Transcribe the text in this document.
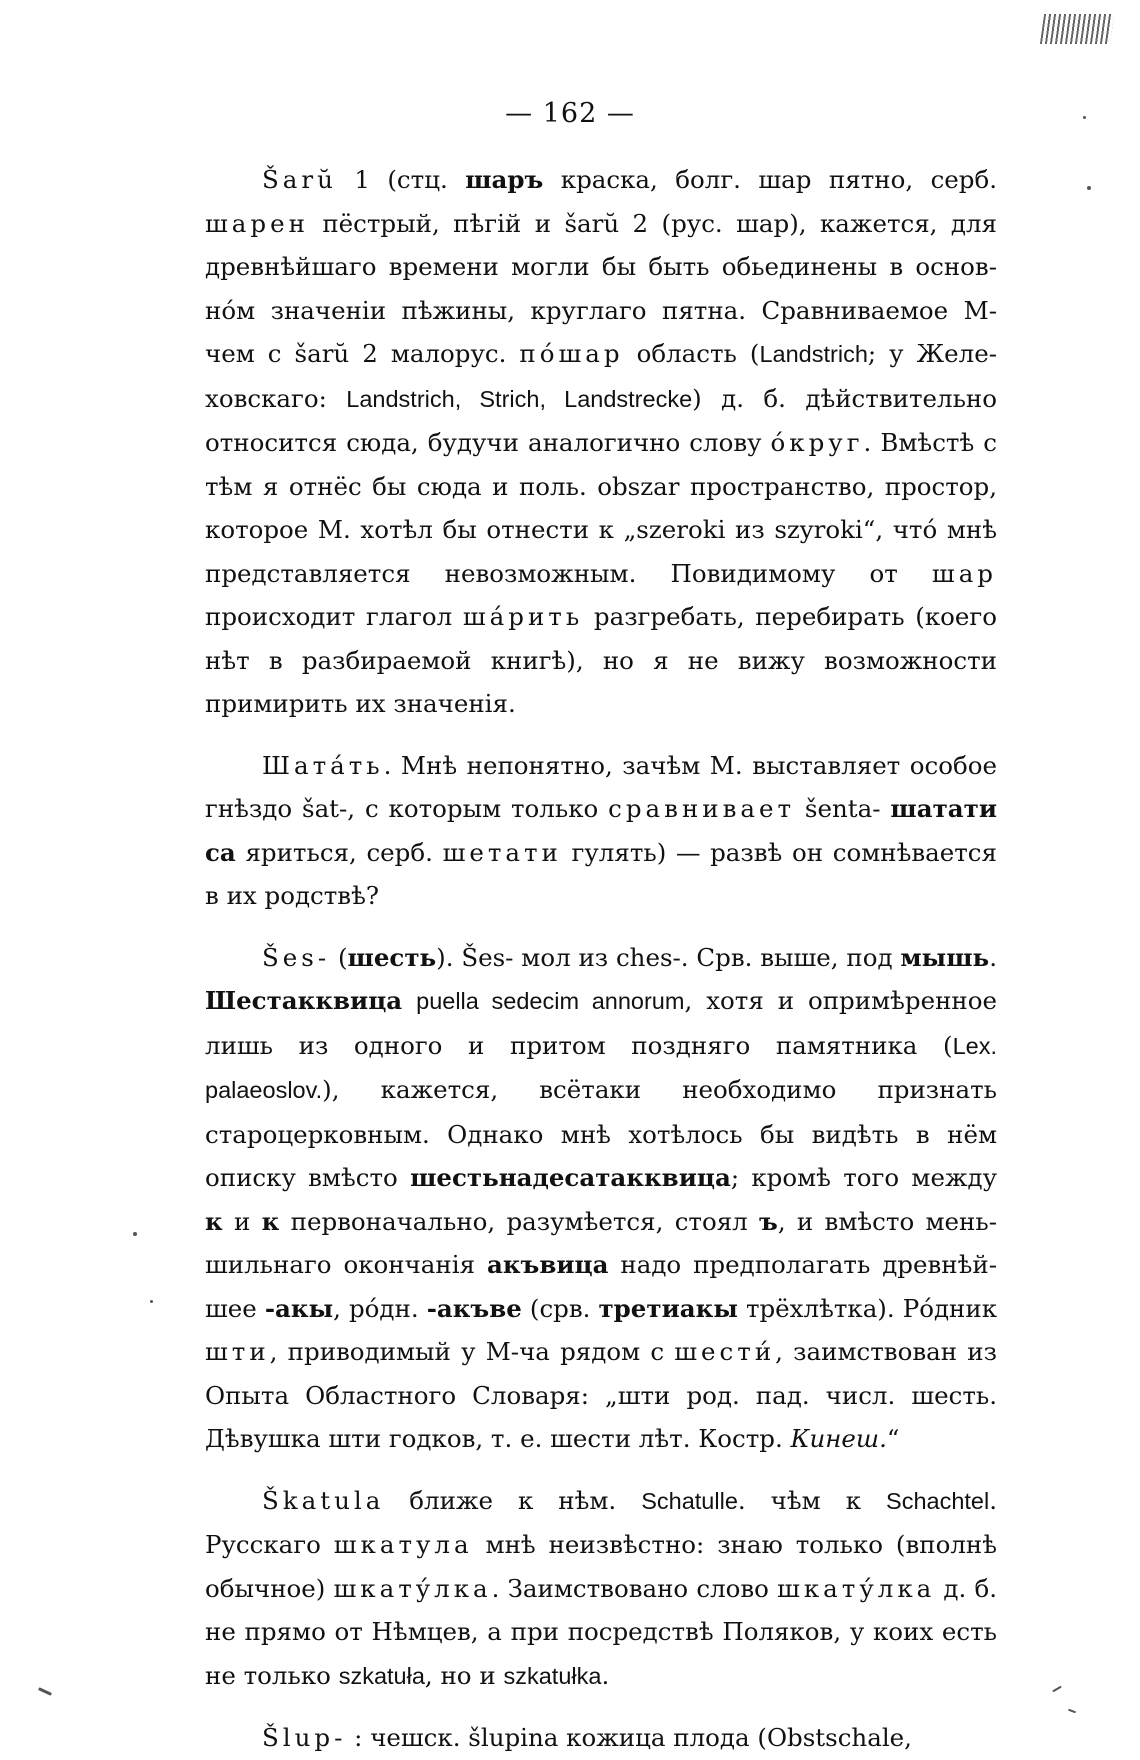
— 162 —

Šarŭ 1 (стц. шаръ краска, болг. шар пятно, серб. шарен пёстрый, пѣгій и šarŭ 2 (рус. шар), кажется, для древнѣйшаго времени могли бы быть обьединены в основно́м значеніи пѣжины, круглаго пятна. Сравниваемое М-чем с šarŭ 2 малорус. по́шар область (Landstrich; у Желеховскаго: Landstrich, Strich, Landstrecke) д. б. дѣйствительно относится сюда, будучи аналогично слову о́круг. Вмѣстѣ с тѣм я отнёс бы сюда и поль. obszar пространство, простор, которое М. хотѣл бы отнести к „szeroki из szyroki“, что́ мнѣ представляется невозможным. Повидимому от шар происходит глагол ша́рить разгребать, перебирать (коего нѣт в разбираемой книгѣ), но я не вижу возможности примирить их значенія.

Шата́ть. Мнѣ непонятно, зачѣм М. выставляет особое гнѣздо šat-, с которым только сравнивает šenta- шатати са яриться, серб. шетати гулять) — развѣ он сомнѣвается в их родствѣ?

Šes- (шесть). Šes- мол из ches-. Срв. выше, под мышь. Шестакквица puella sedecim annorum, хотя и опримѣренное лишь из одного и притом поздняго памятника (Lex. palaeoslov.), кажется, всётаки необходимо признать староцерковным. Однако мнѣ хотѣлось бы видѣть в нём описку вмѣсто шестьнадесатакквица; кромѣ того между к и к первоначально, разумѣется, стоял ъ, и вмѣсто меньшильнаго окончанія акъвица надо предполагать древнѣйшее -акы, ро́дн. -акъве (срв. третиакы трёхлѣтка). Ро́дник шти, приводимый у М-ча рядом с шести́, заимствован из Опыта Областного Словаря: „шти род. пад. числ. шесть. Дѣвушка шти годков, т. е. шести лѣт. Костр. Кинеш.“

Škatula ближе к нѣм. Schatulle. чѣм к Schachtel. Русскаго шкатула мнѣ неизвѣстно: знаю только (вполнѣ обычное) шкату́лка. Заимствовано слово шкату́лка д. б. не прямо от Нѣмцев, а при посредствѣ Поляков, у коих есть не только szkatuła, но и szkatułka.

Šlup- : чешск. šlupina кожица плода (Obstschale,
